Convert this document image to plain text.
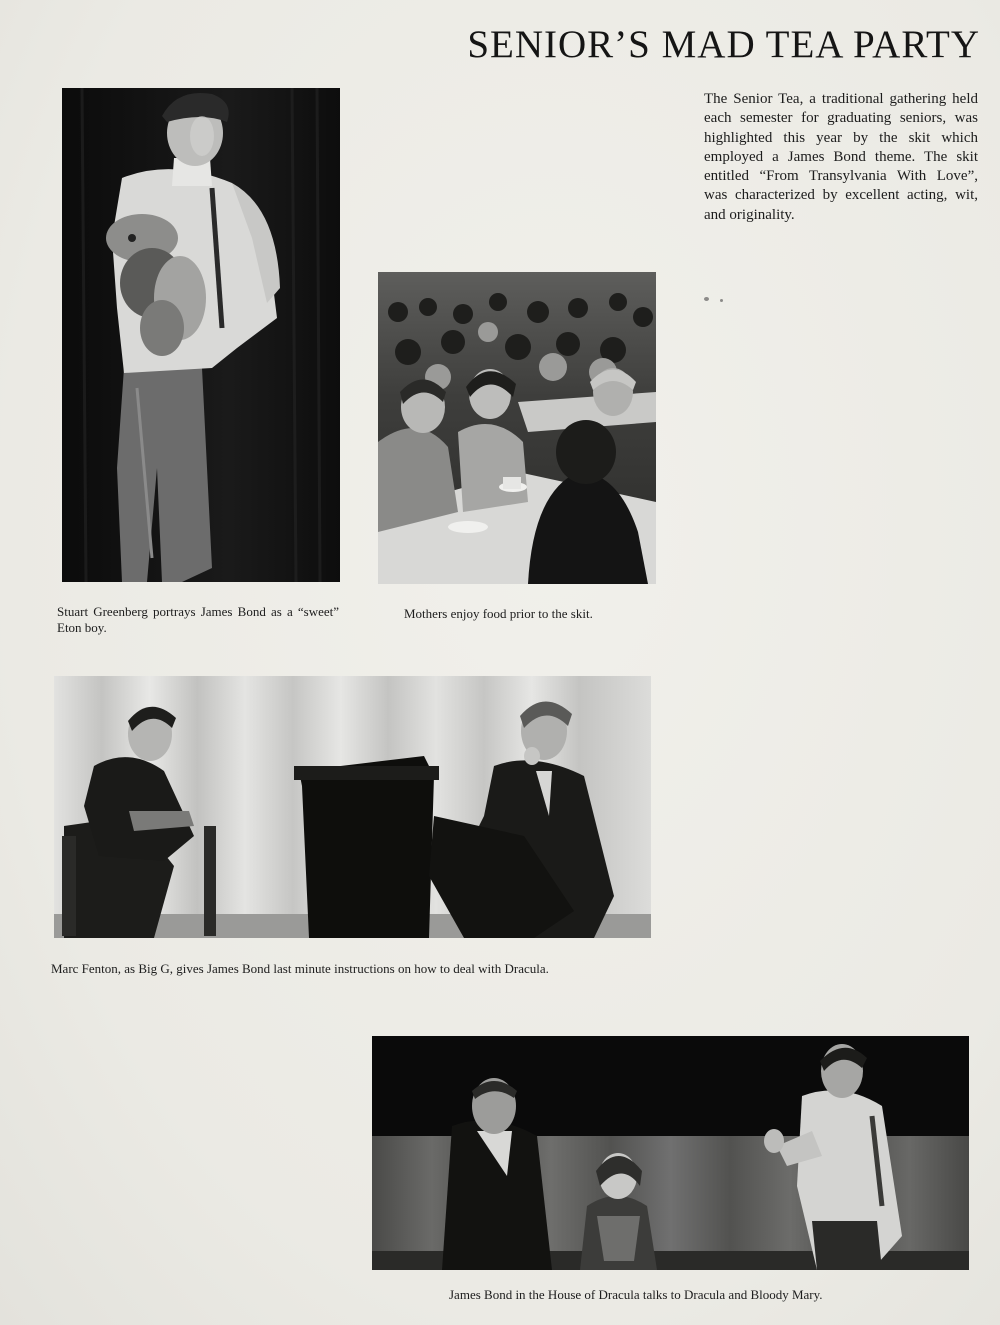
SENIOR’S MAD TEA PARTY

The Senior Tea, a traditional gathering held each semester for graduating seniors, was highlighted this year by the skit which employed a James Bond theme. The skit entitled “From Transylvania With Love”, was characterized by excellent acting, wit, and originality.

Stuart Greenberg portrays James Bond as a “sweet” Eton boy.

Mothers enjoy food prior to the skit.

Marc Fenton, as Big G, gives James Bond last minute instructions on how to deal with Dracula.

James Bond in the House of Dracula talks to Dracula and Bloody Mary.
